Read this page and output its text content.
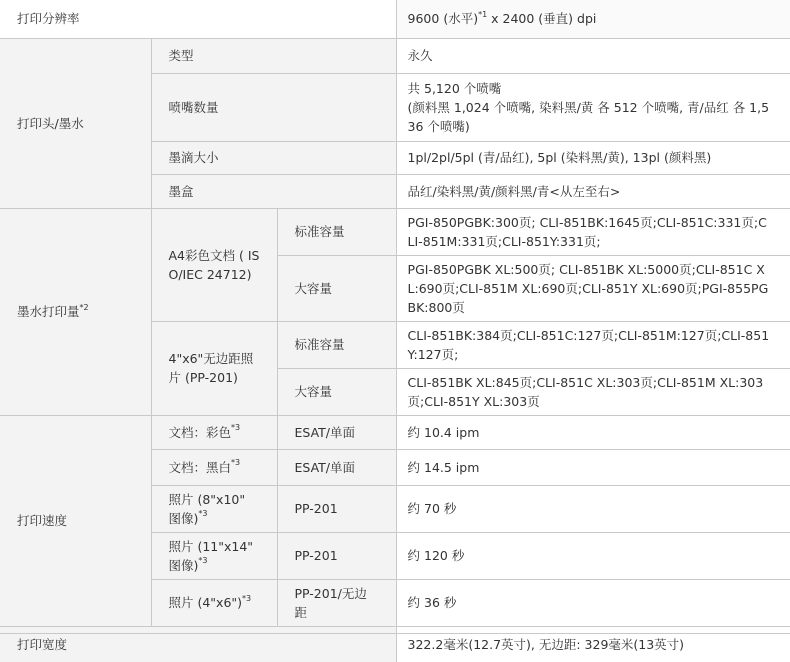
打印分辨率			9600 (水平)$^{*1}$ x 2400 (垂直) dpi
打印头/墨水	类型		永久
	喷嘴数量		共 5,120 个喷嘴
(颜料黑 1,024 个喷嘴, 染料黑/黄 各 512 个喷嘴, 青/品红 各 1,536 个喷嘴)

	墨滴大小		1pl/2pl/5pl (青/品红), 5pl (染料黑/黄), 13pl (颜料黑)
	墨盒		品红/染料黑/黄/颜料黑/青<从左至右>
墨水打印量$^{*2}$	A4彩色文档 ( ISO/IEC 24712)	标准容量	PGI-850PGBK:300页; CLI-851BK:1645页;CLI-851C:331页;CLI-851M:331页;CLI-851Y:331页;
		大容量	PGI-850PGBK XL:500页; CLI-851BK XL:5000页;CLI-851C XL:690页;CLI-851M XL:690页;CLI-851Y XL:690页;PGI-855PGBK:800页
	4"x6"无边距照片 (PP-201)	标准容量	CLI-851BK:384页;CLI-851C:127页;CLI-851M:127页;CLI-851Y:127页;
		大容量	CLI-851BK XL:845页;CLI-851C XL:303页;CLI-851M XL:303页;CLI-851Y XL:303页
打印速度	文档：彩色$^{*3}$	ESAT/单面	约 10.4 ipm
	文档：黑白$^{*3}$	ESAT/单面	约 14.5 ipm
	照片 (8"x10" 图像)$^{*3}$	PP-201	约 70 秒
	照片 (11"x14" 图像)$^{*3}$	PP-201	约 120 秒
	照片 (4"x6")$^{*3}$	PP-201/无边距	约 36 秒
打印宽度			322.2毫米(12.7英寸), 无边距: 329毫米(13英寸)
